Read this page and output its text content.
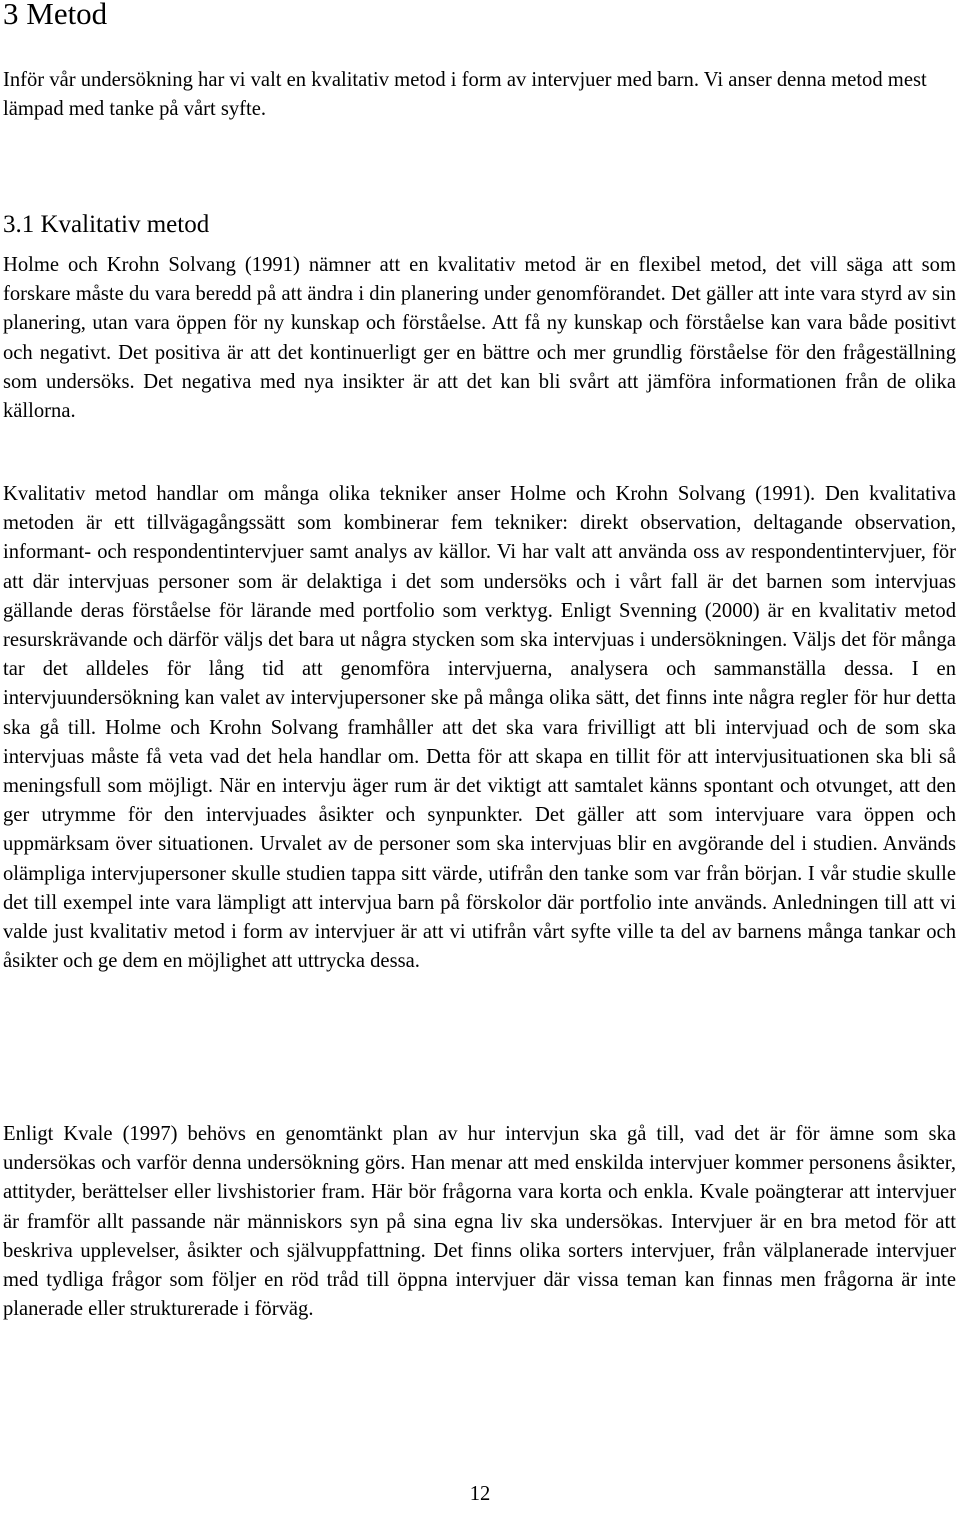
3 Metod

Inför vår undersökning har vi valt en kvalitativ metod i form av intervjuer med barn. Vi anser denna metod mest lämpad med tanke på vårt syfte.

3.1 Kvalitativ metod

Holme och Krohn Solvang (1991) nämner att en kvalitativ metod är en flexibel metod, det vill säga att som forskare måste du vara beredd på att ändra i din planering under genomförandet. Det gäller att inte vara styrd av sin planering, utan vara öppen för ny kunskap och förståelse. Att få ny kunskap och förståelse kan vara både positivt och negativt. Det positiva är att det kontinuerligt ger en bättre och mer grundlig förståelse för den frågeställning som undersöks. Det negativa med nya insikter är att det kan bli svårt att jämföra informationen från de olika källorna.

Kvalitativ metod handlar om många olika tekniker anser Holme och Krohn Solvang (1991). Den kvalitativa metoden är ett tillvägagångssätt som kombinerar fem tekniker: direkt observation, deltagande observation, informant- och respondentintervjuer samt analys av källor. Vi har valt att använda oss av respondentintervjuer, för att där intervjuas personer som är delaktiga i det som undersöks och i vårt fall är det barnen som intervjuas gällande deras förståelse för lärande med portfolio som verktyg. Enligt Svenning (2000) är en kvalitativ metod resurskrävande och därför väljs det bara ut några stycken som ska intervjuas i undersökningen. Väljs det för många tar det alldeles för lång tid att genomföra intervjuerna, analysera och sammanställa dessa. I en intervjuundersökning kan valet av intervjupersoner ske på många olika sätt, det finns inte några regler för hur detta ska gå till. Holme och Krohn Solvang framhåller att det ska vara frivilligt att bli intervjuad och de som ska intervjuas måste få veta vad det hela handlar om. Detta för att skapa en tillit för att intervjusituationen ska bli så meningsfull som möjligt. När en intervju äger rum är det viktigt att samtalet känns spontant och otvunget, att den ger utrymme för den intervjuades åsikter och synpunkter. Det gäller att som intervjuare vara öppen och uppmärksam över situationen. Urvalet av de personer som ska intervjuas blir en avgörande del i studien. Används olämpliga intervjupersoner skulle studien tappa sitt värde, utifrån den tanke som var från början. I vår studie skulle det till exempel inte vara lämpligt att intervjua barn på förskolor där portfolio inte används. Anledningen till att vi valde just kvalitativ metod i form av intervjuer är att vi utifrån vårt syfte ville ta del av barnens många tankar och åsikter och ge dem en möjlighet att uttrycka dessa.

Enligt Kvale (1997) behövs en genomtänkt plan av hur intervjun ska gå till, vad det är för ämne som ska undersökas och varför denna undersökning görs. Han menar att med enskilda intervjuer kommer personens åsikter, attityder, berättelser eller livshistorier fram. Här bör frågorna vara korta och enkla. Kvale poängterar att intervjuer är framför allt passande när människors syn på sina egna liv ska undersökas. Intervjuer är en bra metod för att beskriva upplevelser, åsikter och självuppfattning. Det finns olika sorters intervjuer, från välplanerade intervjuer med tydliga frågor som följer en röd tråd till öppna intervjuer där vissa teman kan finnas men frågorna är inte planerade eller strukturerade i förväg.

12
